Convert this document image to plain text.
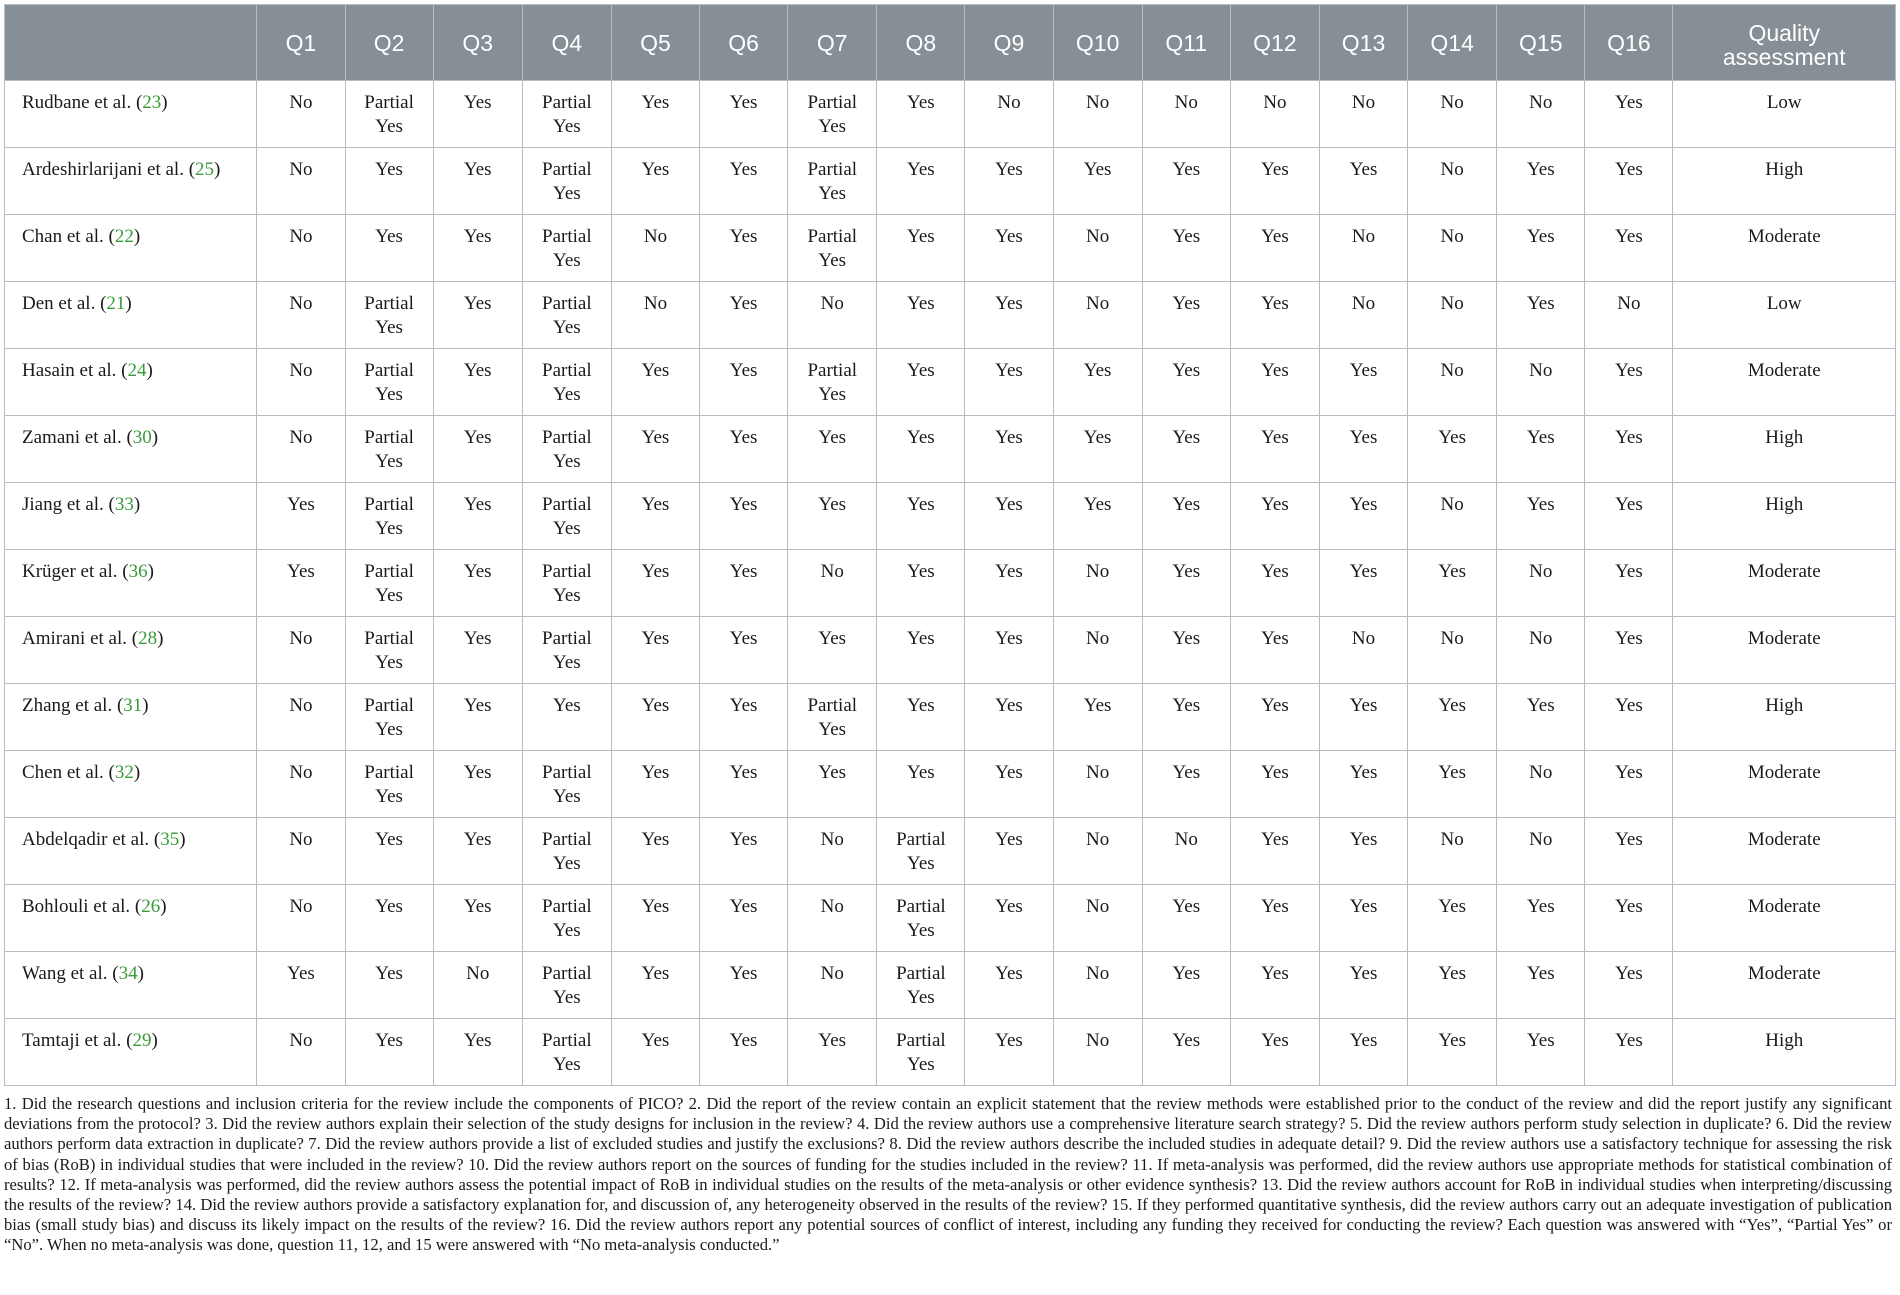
	Q1	Q2	Q3	Q4	Q5	Q6	Q7	Q8	Q9	Q10	Q11	Q12	Q13	Q14	Q15	Q16	Quality
assessment

Rudbane et al. (23)	No	Partial Yes	Yes	Partial Yes	Yes	Yes	Partial Yes	Yes	No	No	No	No	No	No	No	Yes	Low
Ardeshirlarijani et al. (25)	No	Yes	Yes	Partial Yes	Yes	Yes	Partial Yes	Yes	Yes	Yes	Yes	Yes	Yes	No	Yes	Yes	High
Chan et al. (22)	No	Yes	Yes	Partial Yes	No	Yes	Partial Yes	Yes	Yes	No	Yes	Yes	No	No	Yes	Yes	Moderate
Den et al. (21)	No	Partial Yes	Yes	Partial Yes	No	Yes	No	Yes	Yes	No	Yes	Yes	No	No	Yes	No	Low
Hasain et al. (24)	No	Partial Yes	Yes	Partial Yes	Yes	Yes	Partial Yes	Yes	Yes	Yes	Yes	Yes	Yes	No	No	Yes	Moderate
Zamani et al. (30)	No	Partial Yes	Yes	Partial Yes	Yes	Yes	Yes	Yes	Yes	Yes	Yes	Yes	Yes	Yes	Yes	Yes	High
Jiang et al. (33)	Yes	Partial Yes	Yes	Partial Yes	Yes	Yes	Yes	Yes	Yes	Yes	Yes	Yes	Yes	No	Yes	Yes	High
Krüger et al. (36)	Yes	Partial Yes	Yes	Partial Yes	Yes	Yes	No	Yes	Yes	No	Yes	Yes	Yes	Yes	No	Yes	Moderate
Amirani et al. (28)	No	Partial Yes	Yes	Partial Yes	Yes	Yes	Yes	Yes	Yes	No	Yes	Yes	No	No	No	Yes	Moderate
Zhang et al. (31)	No	Partial Yes	Yes	Yes	Yes	Yes	Partial Yes	Yes	Yes	Yes	Yes	Yes	Yes	Yes	Yes	Yes	High
Chen et al. (32)	No	Partial Yes	Yes	Partial Yes	Yes	Yes	Yes	Yes	Yes	No	Yes	Yes	Yes	Yes	No	Yes	Moderate
Abdelqadir et al. (35)	No	Yes	Yes	Partial Yes	Yes	Yes	No	Partial Yes	Yes	No	No	Yes	Yes	No	No	Yes	Moderate
Bohlouli et al. (26)	No	Yes	Yes	Partial Yes	Yes	Yes	No	Partial Yes	Yes	No	Yes	Yes	Yes	Yes	Yes	Yes	Moderate
Wang et al. (34)	Yes	Yes	No	Partial Yes	Yes	Yes	No	Partial Yes	Yes	No	Yes	Yes	Yes	Yes	Yes	Yes	Moderate
Tamtaji et al. (29)	No	Yes	Yes	Partial Yes	Yes	Yes	Yes	Partial Yes	Yes	No	Yes	Yes	Yes	Yes	Yes	Yes	High
1. Did the research questions and inclusion criteria for the review include the components of PICO? 2. Did the report of the review contain an explicit statement that the review methods were established prior to the conduct of the review and did the report justify any significant deviations from the protocol? 3. Did the review authors explain their selection of the study designs for inclusion in the review? 4. Did the review authors use a comprehensive literature search strategy? 5. Did the review authors perform study selection in duplicate? 6. Did the review authors perform data extraction in duplicate? 7. Did the review authors provide a list of excluded studies and justify the exclusions? 8. Did the review authors describe the included studies in adequate detail? 9. Did the review authors use a satisfactory technique for assessing the risk of bias (RoB) in individual studies that were included in the review? 10. Did the review authors report on the sources of funding for the studies included in the review? 11. If meta-analysis was performed, did the review authors use appropriate methods for statistical combination of results? 12. If meta-analysis was performed, did the review authors assess the potential impact of RoB in individual studies on the results of the meta-analysis or other evidence synthesis? 13. Did the review authors account for RoB in individual studies when interpreting/discussing the results of the review? 14. Did the review authors provide a satisfactory explanation for, and discussion of, any heterogeneity observed in the results of the review? 15. If they performed quantitative synthesis, did the review authors carry out an adequate investigation of publication bias (small study bias) and discuss its likely impact on the results of the review? 16. Did the review authors report any potential sources of conflict of interest, including any funding they received for conducting the review? Each question was answered with “Yes”, “Partial Yes” or “No”. When no meta-analysis was done, question 11, 12, and 15 were answered with “No meta-analysis conducted.”
